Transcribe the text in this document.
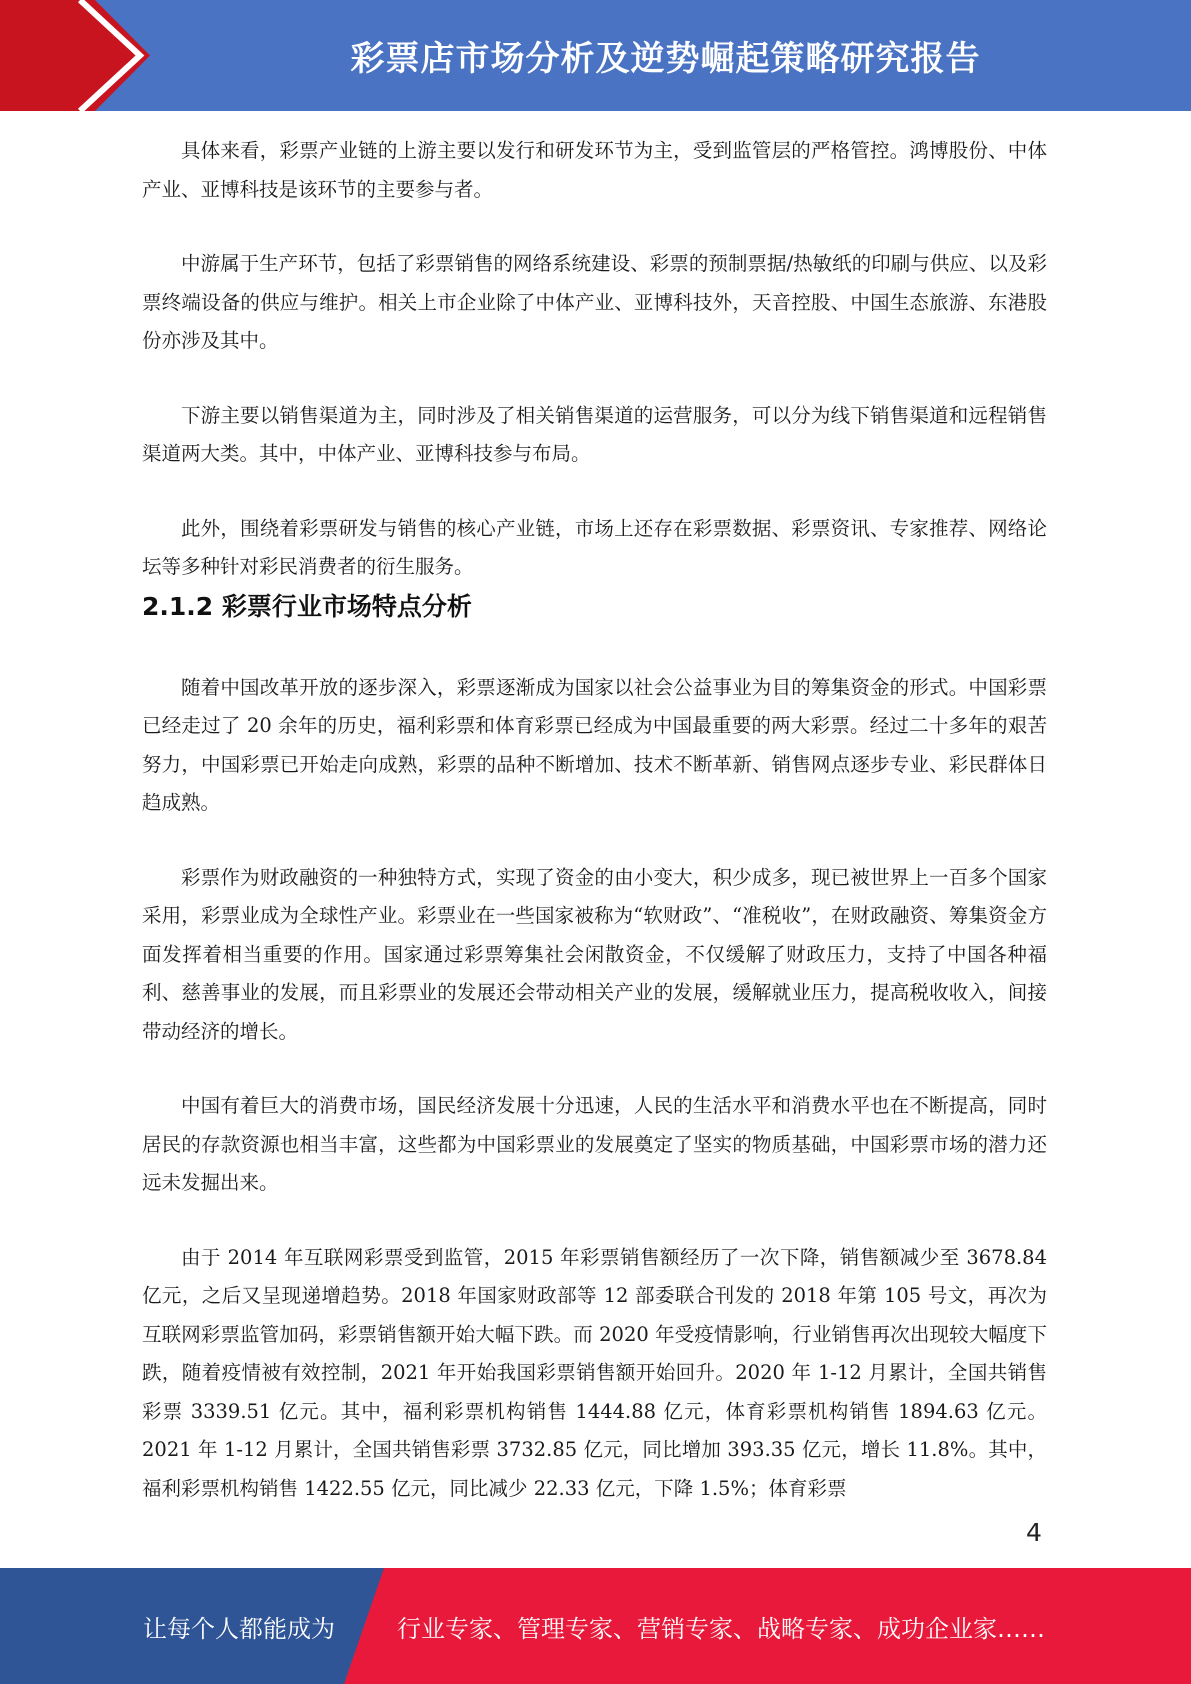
彩票店市场分析及逆势崛起策略研究报告

具体来看，彩票产业链的上游主要以发行和研发环节为主，受到监管层的严格管控。鸿博股份、中体产业、亚博科技是该环节的主要参与者。

中游属于生产环节，包括了彩票销售的网络系统建设、彩票的预制票据/热敏纸的印刷与供应、以及彩票终端设备的供应与维护。相关上市企业除了中体产业、亚博科技外，天音控股、中国生态旅游、东港股份亦涉及其中。

下游主要以销售渠道为主，同时涉及了相关销售渠道的运营服务，可以分为线下销售渠道和远程销售渠道两大类。其中，中体产业、亚博科技参与布局。

此外，围绕着彩票研发与销售的核心产业链，市场上还存在彩票数据、彩票资讯、专家推荐、网络论坛等多种针对彩民消费者的衍生服务。

2.1.2 彩票行业市场特点分析

随着中国改革开放的逐步深入，彩票逐渐成为国家以社会公益事业为目的筹集资金的形式。中国彩票已经走过了 20 余年的历史，福利彩票和体育彩票已经成为中国最重要的两大彩票。经过二十多年的艰苦努力，中国彩票已开始走向成熟，彩票的品种不断增加、技术不断革新、销售网点逐步专业、彩民群体日趋成熟。

彩票作为财政融资的一种独特方式，实现了资金的由小变大，积少成多，现已被世界上一百多个国家采用，彩票业成为全球性产业。彩票业在一些国家被称为“软财政”、“准税收”，在财政融资、筹集资金方面发挥着相当重要的作用。国家通过彩票筹集社会闲散资金，不仅缓解了财政压力，支持了中国各种福利、慈善事业的发展，而且彩票业的发展还会带动相关产业的发展，缓解就业压力，提高税收收入，间接带动经济的增长。

中国有着巨大的消费市场，国民经济发展十分迅速，人民的生活水平和消费水平也在不断提高，同时居民的存款资源也相当丰富，这些都为中国彩票业的发展奠定了坚实的物质基础，中国彩票市场的潜力还远未发掘出来。

由于 2014 年互联网彩票受到监管，2015 年彩票销售额经历了一次下降，销售额减少至 3678.84 亿元，之后又呈现递增趋势。2018 年国家财政部等 12 部委联合刊发的 2018 年第 105 号文，再次为互联网彩票监管加码，彩票销售额开始大幅下跌。而 2020 年受疫情影响，行业销售再次出现较大幅度下跌，随着疫情被有效控制，2021 年开始我国彩票销售额开始回升。2020 年 1-12 月累计，全国共销售彩票 3339.51 亿元。其中，福利彩票机构销售 1444.88 亿元，体育彩票机构销售 1894.63 亿元。2021 年 1-12 月累计，全国共销售彩票 3732.85 亿元，同比增加 393.35 亿元，增长 11.8%。其中，福利彩票机构销售 1422.55 亿元，同比减少 22.33 亿元，下降 1.5%；体育彩票

4
让每个人都能成为	行业专家、管理专家、营销专家、战略专家、成功企业家……
